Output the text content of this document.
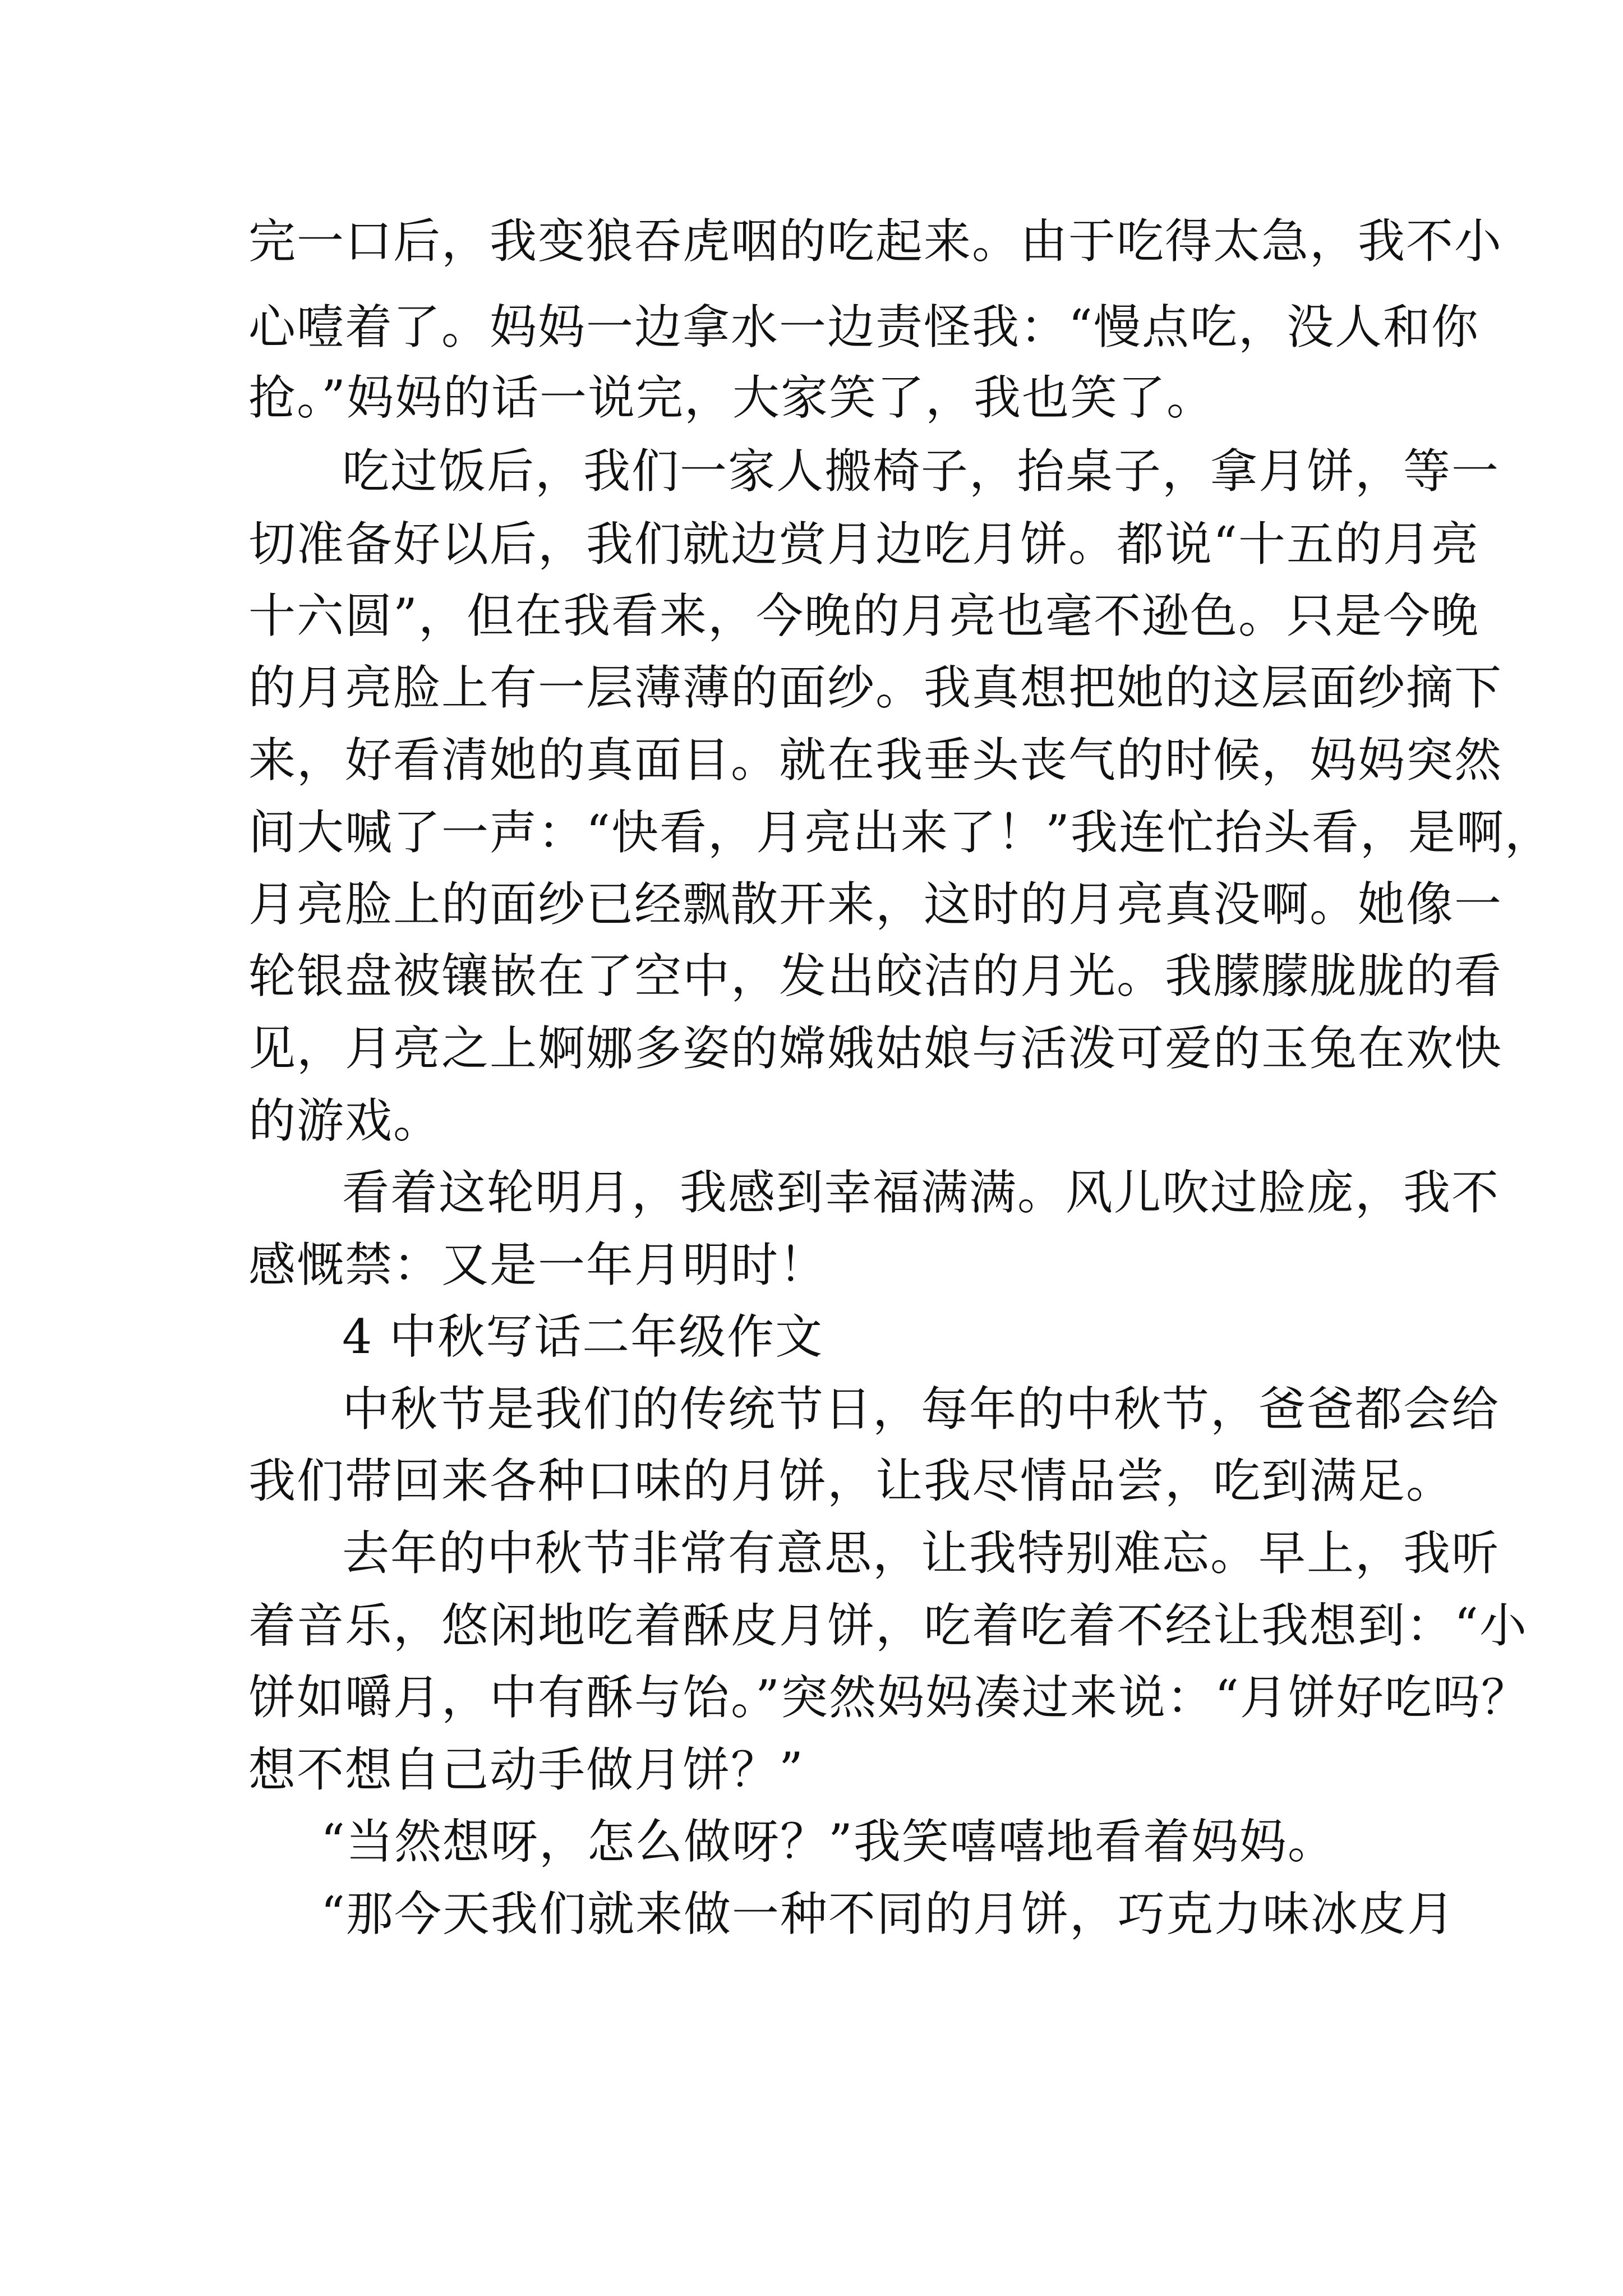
完一口后，我变狼吞虎咽的吃起来。由于吃得太急，我不小
心噎着了。妈妈一边拿水一边责怪我：“慢点吃，没人和你
抢。”妈妈的话一说完，大家笑了，我也笑了。
吃过饭后，我们一家人搬椅子，抬桌子，拿月饼，等一
切准备好以后，我们就边赏月边吃月饼。都说“十五的月亮
十六圆”，但在我看来，今晚的月亮也毫不逊色。只是今晚
的月亮脸上有一层薄薄的面纱。我真想把她的这层面纱摘下
来，好看清她的真面目。就在我垂头丧气的时候，妈妈突然
间大喊了一声：“快看，月亮出来了！”我连忙抬头看，是啊，
月亮脸上的面纱已经飘散开来，这时的月亮真没啊。她像一
轮银盘被镶嵌在了空中，发出皎洁的月光。我朦朦胧胧的看
见，月亮之上婀娜多姿的嫦娥姑娘与活泼可爱的玉兔在欢快
的游戏。
看着这轮明月，我感到幸福满满。风儿吹过脸庞，我不
感慨禁：又是一年月明时！
4 中秋写话二年级作文
中秋节是我们的传统节日，每年的中秋节，爸爸都会给
我们带回来各种口味的月饼，让我尽情品尝，吃到满足。
去年的中秋节非常有意思，让我特别难忘。早上，我听
着音乐，悠闲地吃着酥皮月饼，吃着吃着不经让我想到：“小
饼如嚼月，中有酥与饴。”突然妈妈凑过来说：“月饼好吃吗？
想不想自己动手做月饼？”
“当然想呀，怎么做呀？”我笑嘻嘻地看着妈妈。
“那今天我们就来做一种不同的月饼，巧克力味冰皮月
